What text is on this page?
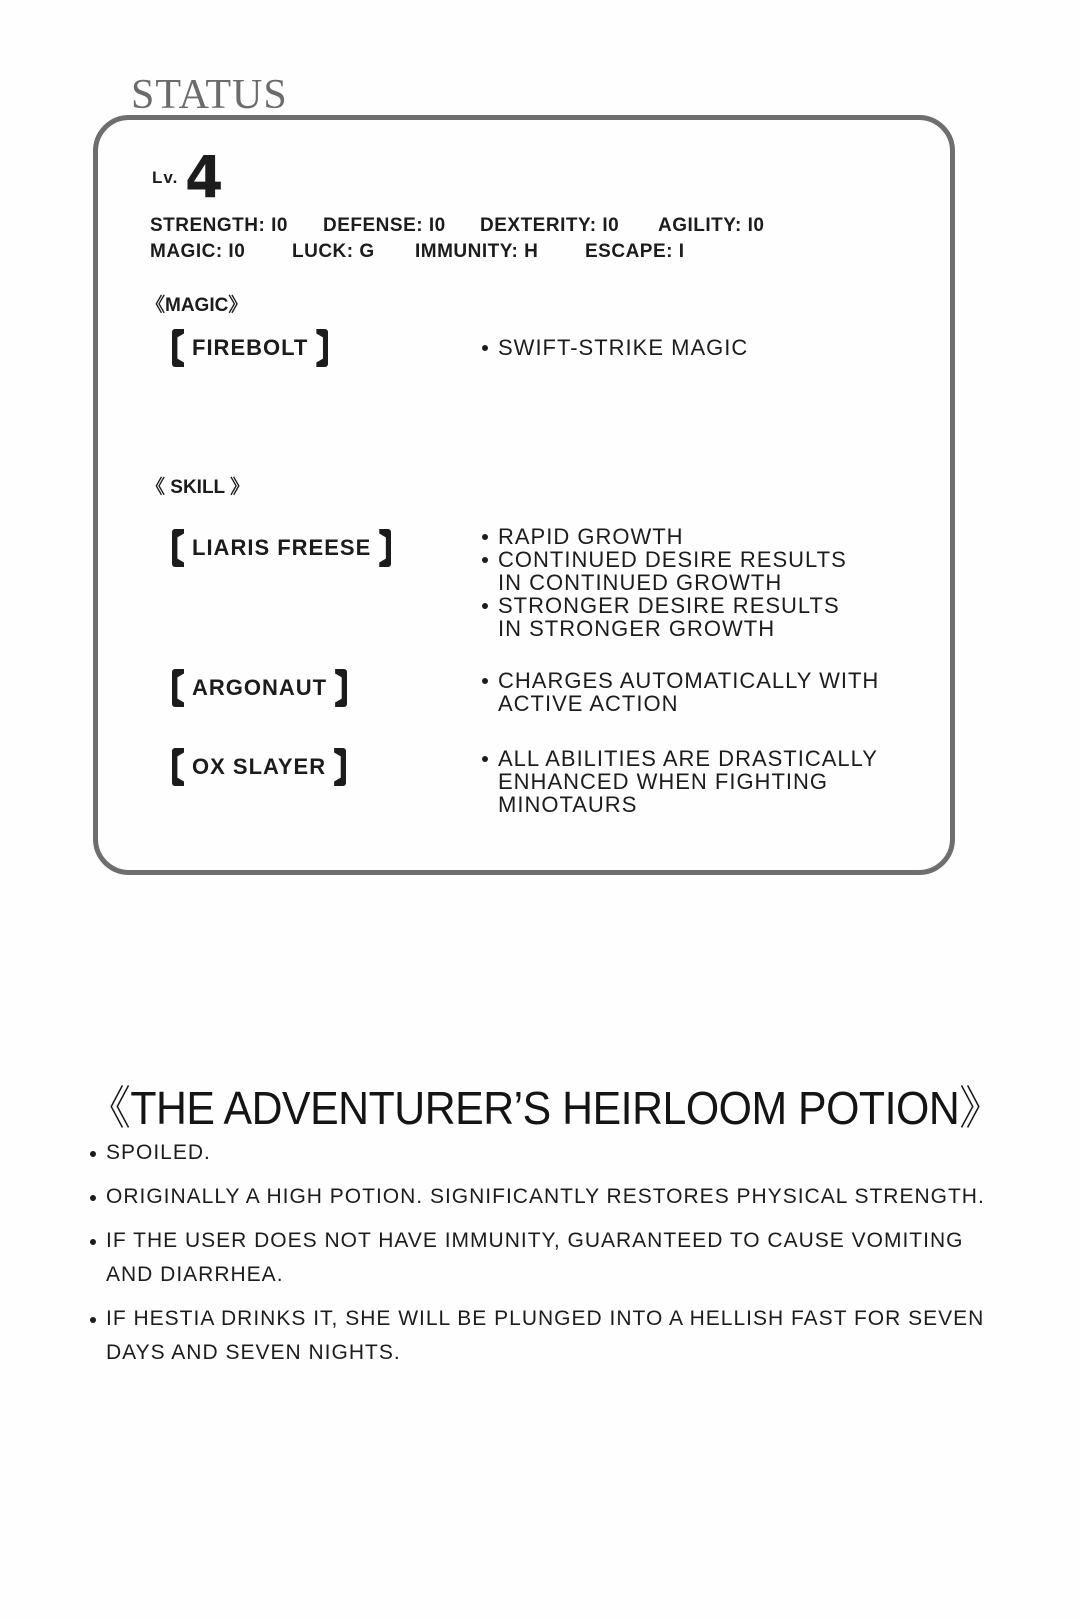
STATUS
Lv. 4
STRENGTH: I0 DEFENSE: I0 DEXTERITY: I0 AGILITY: I0
MAGIC: I0 LUCK: G IMMUNITY: H ESCAPE: I
《MAGIC》
FIREBOLT	SWIFT-STRIKE MAGIC
《 SKILL 》
LIARIS FREESE	RAPID GROWTH
CONTINUED DESIRE RESULTS
IN CONTINUED GROWTH
STRONGER DESIRE RESULTS
IN STRONGER GROWTH
ARGONAUT	CHARGES AUTOMATICALLY WITH
ACTIVE ACTION
OX SLAYER	ALL ABILITIES ARE DRASTICALLY
ENHANCED WHEN FIGHTING
MINOTAURS
《THE ADVENTURER’S HEIRLOOM POTION》
SPOILED.
ORIGINALLY A HIGH POTION. SIGNIFICANTLY RESTORES PHYSICAL STRENGTH.
IF THE USER DOES NOT HAVE IMMUNITY, GUARANTEED TO CAUSE VOMITING AND DIARRHEA.
IF HESTIA DRINKS IT, SHE WILL BE PLUNGED INTO A HELLISH FAST FOR SEVEN DAYS AND SEVEN NIGHTS.
